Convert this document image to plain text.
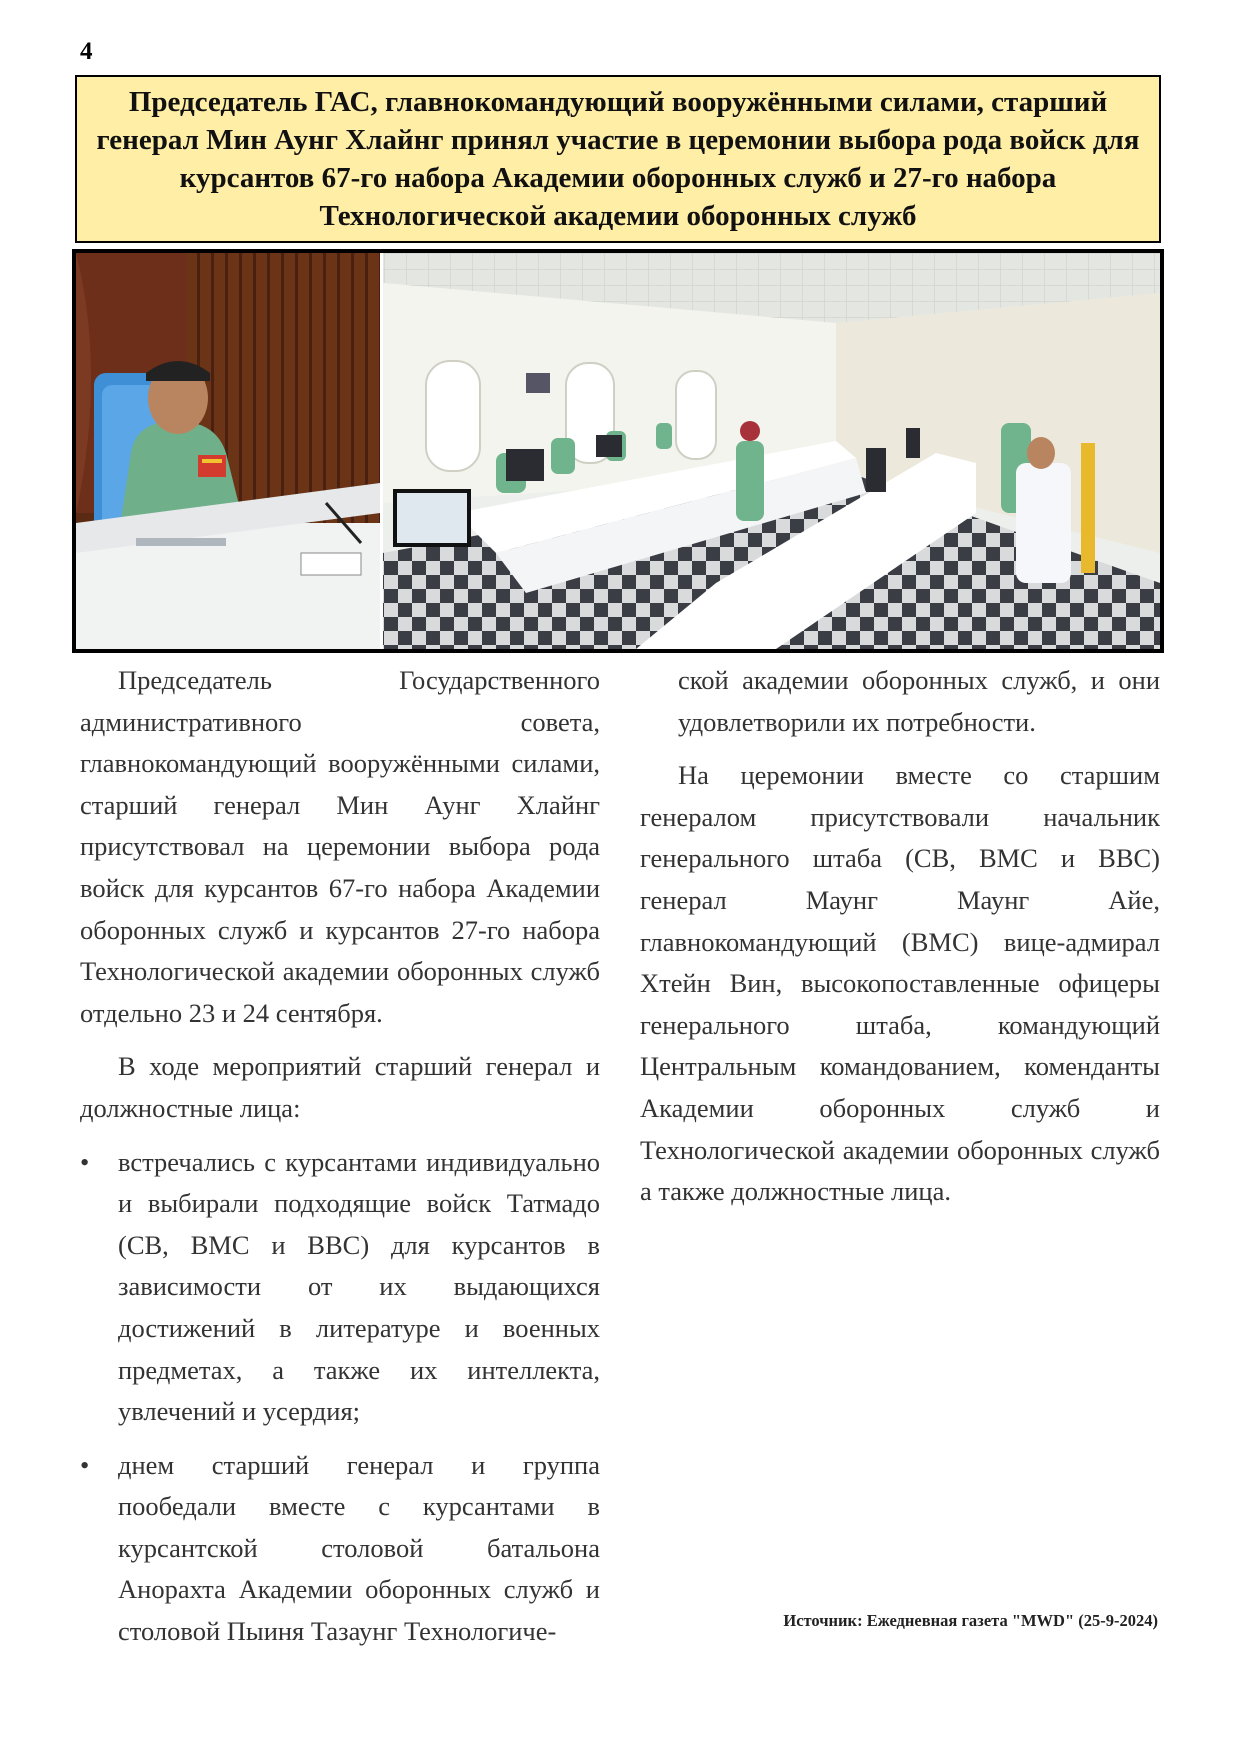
4
Председатель ГАС, главнокомандующий вооружёнными силами, старший генерал Мин Аунг Хлайнг принял участие в церемонии выбора рода войск для курсантов 67-го набора Академии оборонных служб и 27-го набора Технологической академии оборонных служб

Председатель Государственного административного совета, главнокомандующий вооружёнными силами, старший генерал Мин Аунг Хлайнг присутствовал на церемонии выбора рода войск для курсантов 67-го набора Академии оборонных служб и курсантов 27-го набора Технологической академии оборонных служб отдельно 23 и 24 сентября.

В ходе мероприятий старший генерал и должностные лица:

• встречались с курсантами индивидуально и выбирали подходящие войск Татмадо (СВ, ВМС и ВВС) для курсантов в зависимости от их выдающихся достижений в литературе и военных предметах, а также их интеллекта, увлечений и усердия;
• днем старший генерал и группа пообедали вместе с курсантами в курсантской столовой батальона Анорахта Академии оборонных служб и столовой Пыиня Тазаунг Технологиче-

ской академии оборонных служб, и они удовлетворили их потребности.

На церемонии вместе со старшим генералом присутствовали начальник генерального штаба (СВ, ВМС и ВВС) генерал Маунг Маунг Айе, главнокомандующий (ВМС) вице-адмирал Хтейн Вин, высокопоставленные офицеры генерального штаба, командующий Центральным командованием, коменданты Академии оборонных служб и Технологической академии оборонных служб а также должностные лица.

Источник: Ежедневная газета "MWD" (25-9-2024)
